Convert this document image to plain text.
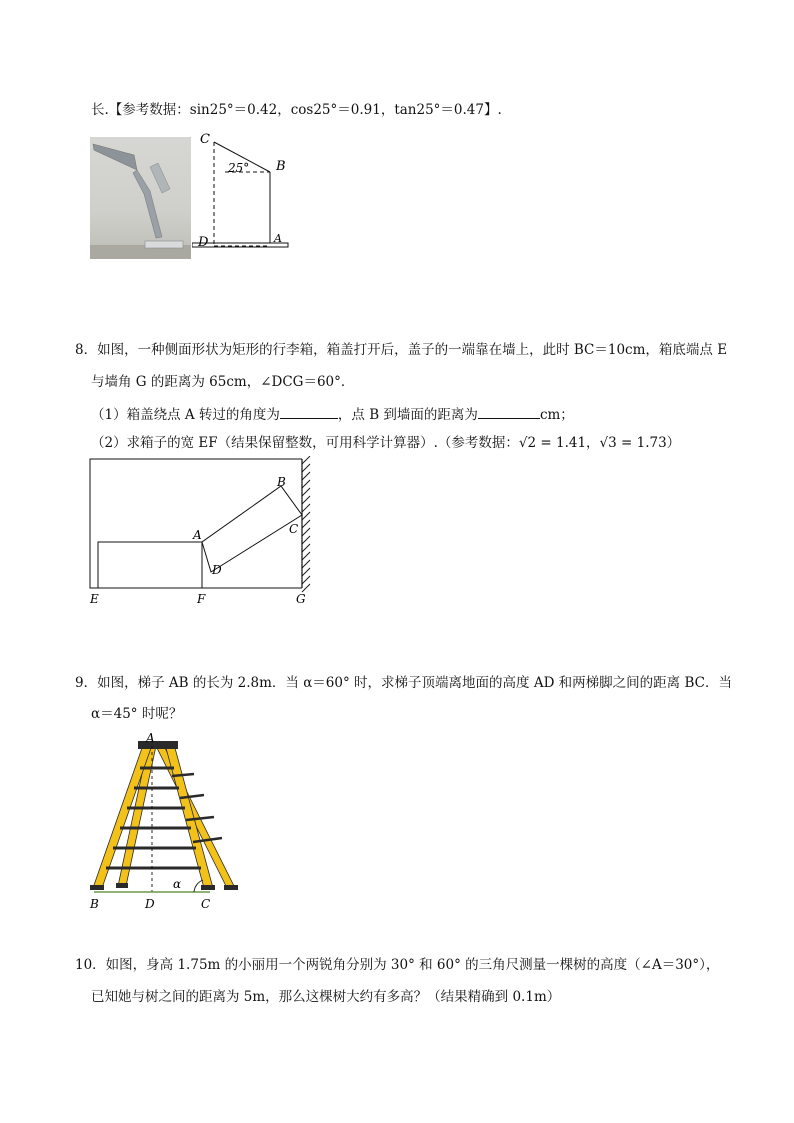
长.【参考数据：sin25°＝0.42，cos25°＝0.91，tan25°＝0.47】.
C
B
D	A
25°
8．如图，一种侧面形状为矩形的行李箱，箱盖打开后，盖子的一端靠在墙上，此时 BC＝10cm，箱底端点 E
与墙角 G 的距离为 65cm，∠DCG＝60°．
（1）箱盖绕点 A 转过的角度为	，点 B 到墙面的距离为	cm；
（2）求箱子的宽 EF（结果保留整数，可用科学计算器）.（参考数据：√2 = 1.41，√3 = 1.73）
B
A	C
D
E	F	G
9．如图，梯子 AB 的长为 2.8m．当 α＝60° 时，求梯子顶端离地面的高度 AD 和两梯脚之间的距离 BC．当
α＝45° 时呢？
A
B	D	C
α
10．如图，身高 1.75m 的小丽用一个两锐角分别为 30° 和 60° 的三角尺测量一棵树的高度（∠A＝30°），
已知她与树之间的距离为 5m，那么这棵树大约有多高？（结果精确到 0.1m）
